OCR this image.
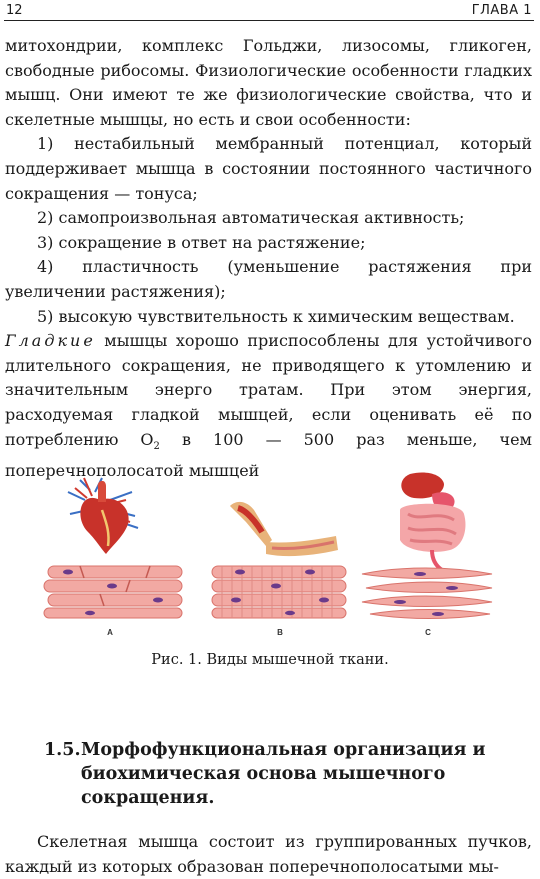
12	ГЛАВА 1

митохондрии, комплекс Гольджи, лизосомы, гликоген, свободные рибосомы. Физиологические особенности гладких мышц. Они имеют те же физиологические свойства, что и скелетные мышцы, но есть и свои особенности:

1) нестабильный мембранный потенциал, который поддерживает мышца в состоянии постоянного частичного сокращения — тонуса;

2) самопроизвольная автоматическая активность;

3) сокращение в ответ на растяжение;

4) пластичность (уменьшение растяжения при увеличении растяжения);

5) высокую чувствительность к химическим веществам.

Гладкие мышцы хорошо приспособлены для устойчивого длительного сокращения, не приводящего к утомлению и значительным энерго тратам. При этом энергия, расходуемая гладкой мышцей, если оценивать её по потреблению $О_2$ в 100 — 500 раз меньше, чем поперечнополосатой мышцей

A	B	C
Рис. 1. Виды мышечной ткани.
1.5. Морфофункциональная организация и биохимическая основа мышечного сокращения.

Скелетная мышца состоит из группированных пучков, каждый из которых образован поперечнополосатыми мы-
